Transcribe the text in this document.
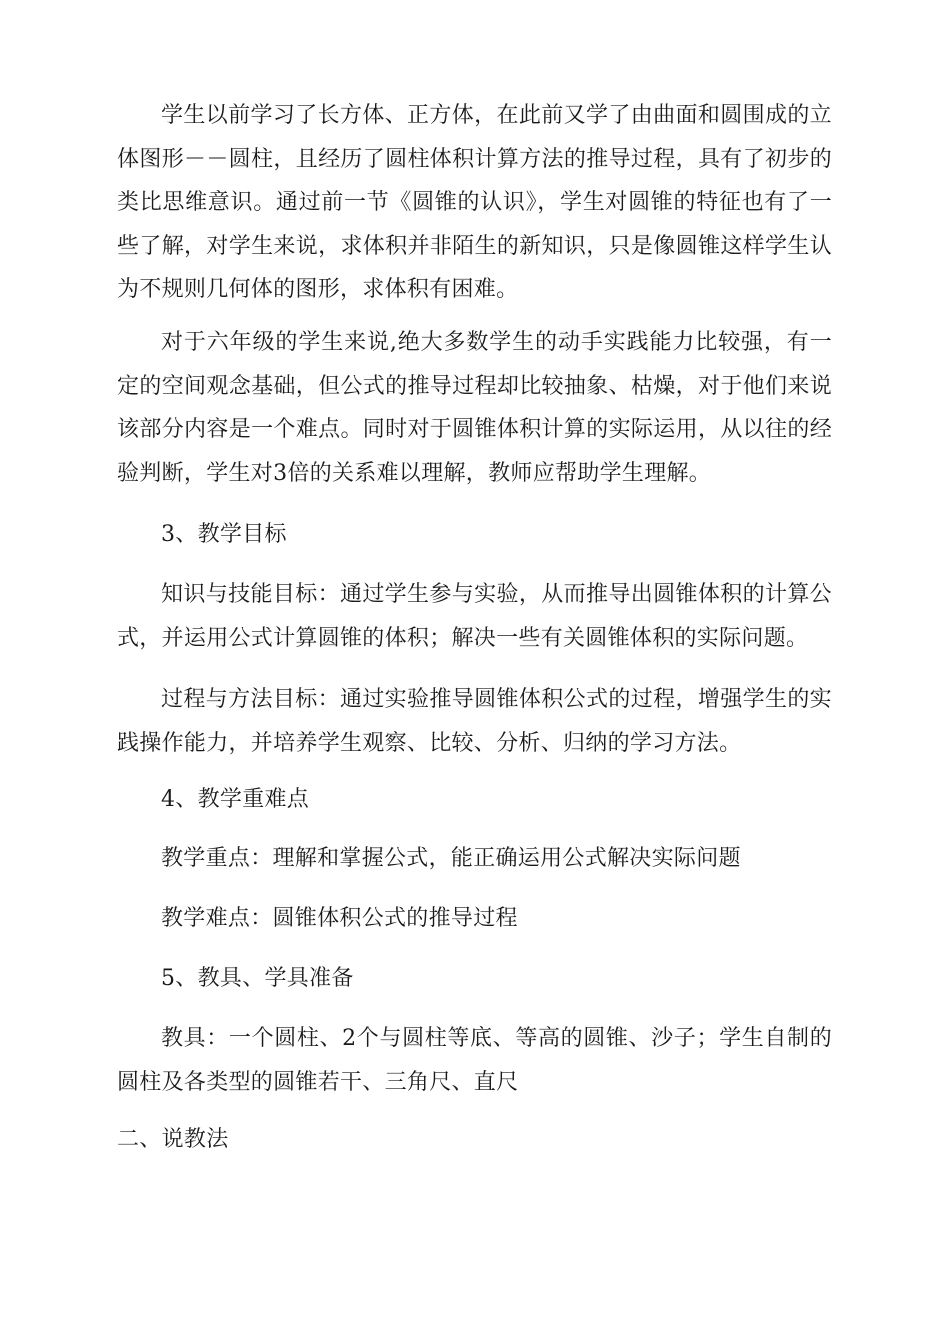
学生以前学习了长方体、正方体，在此前又学了由曲面和圆围成的立体图形－－圆柱，且经历了圆柱体积计算方法的推导过程，具有了初步的类比思维意识。通过前一节《圆锥的认识》，学生对圆锥的特征也有了一些了解，对学生来说，求体积并非陌生的新知识，只是像圆锥这样学生认为不规则几何体的图形，求体积有困难。

对于六年级的学生来说,绝大多数学生的动手实践能力比较强，有一定的空间观念基础，但公式的推导过程却比较抽象、枯燥，对于他们来说该部分内容是一个难点。同时对于圆锥体积计算的实际运用，从以往的经验判断，学生对3倍的关系难以理解，教师应帮助学生理解。

3、教学目标

知识与技能目标：通过学生参与实验，从而推导出圆锥体积的计算公式，并运用公式计算圆锥的体积；解决一些有关圆锥体积的实际问题。

过程与方法目标：通过实验推导圆锥体积公式的过程，增强学生的实践操作能力，并培养学生观察、比较、分析、归纳的学习方法。

4、教学重难点

教学重点：理解和掌握公式，能正确运用公式解决实际问题

教学难点：圆锥体积公式的推导过程

5、教具、学具准备

教具：一个圆柱、2个与圆柱等底、等高的圆锥、沙子；学生自制的圆柱及各类型的圆锥若干、三角尺、直尺

二、说教法
